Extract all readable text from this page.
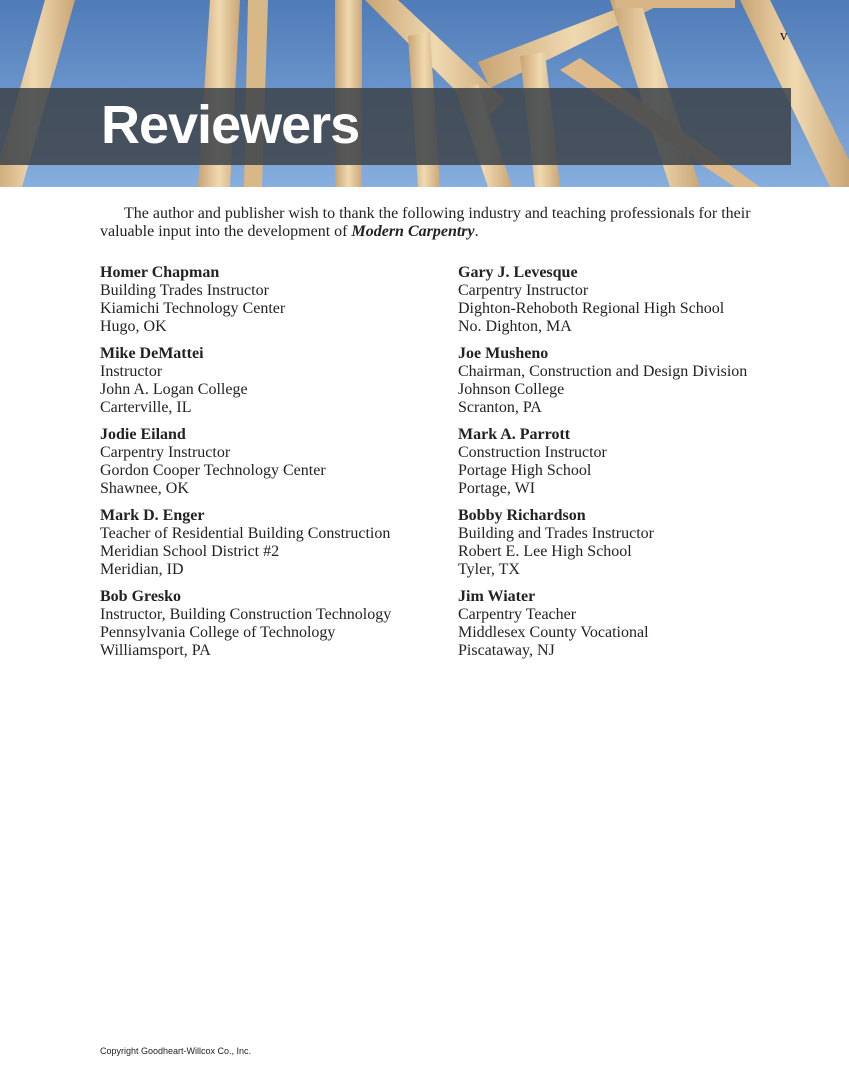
v
Reviewers

The author and publisher wish to thank the following industry and teaching professionals for their valuable input into the development of Modern Carpentry.

Homer Chapman
Building Trades Instructor
Kiamichi Technology Center
Hugo, OK
Mike DeMattei
Instructor
John A. Logan College
Carterville, IL
Jodie Eiland
Carpentry Instructor
Gordon Cooper Technology Center
Shawnee, OK
Mark D. Enger
Teacher of Residential Building Construction
Meridian School District #2
Meridian, ID
Bob Gresko
Instructor, Building Construction Technology
Pennsylvania College of Technology
Williamsport, PA
Gary J. Levesque
Carpentry Instructor
Dighton-Rehoboth Regional High School
No. Dighton, MA
Joe Musheno
Chairman, Construction and Design Division
Johnson College
Scranton, PA
Mark A. Parrott
Construction Instructor
Portage High School
Portage, WI
Bobby Richardson
Building and Trades Instructor
Robert E. Lee High School
Tyler, TX
Jim Wiater
Carpentry Teacher
Middlesex County Vocational
Piscataway, NJ
Copyright Goodheart-Willcox Co., Inc.
